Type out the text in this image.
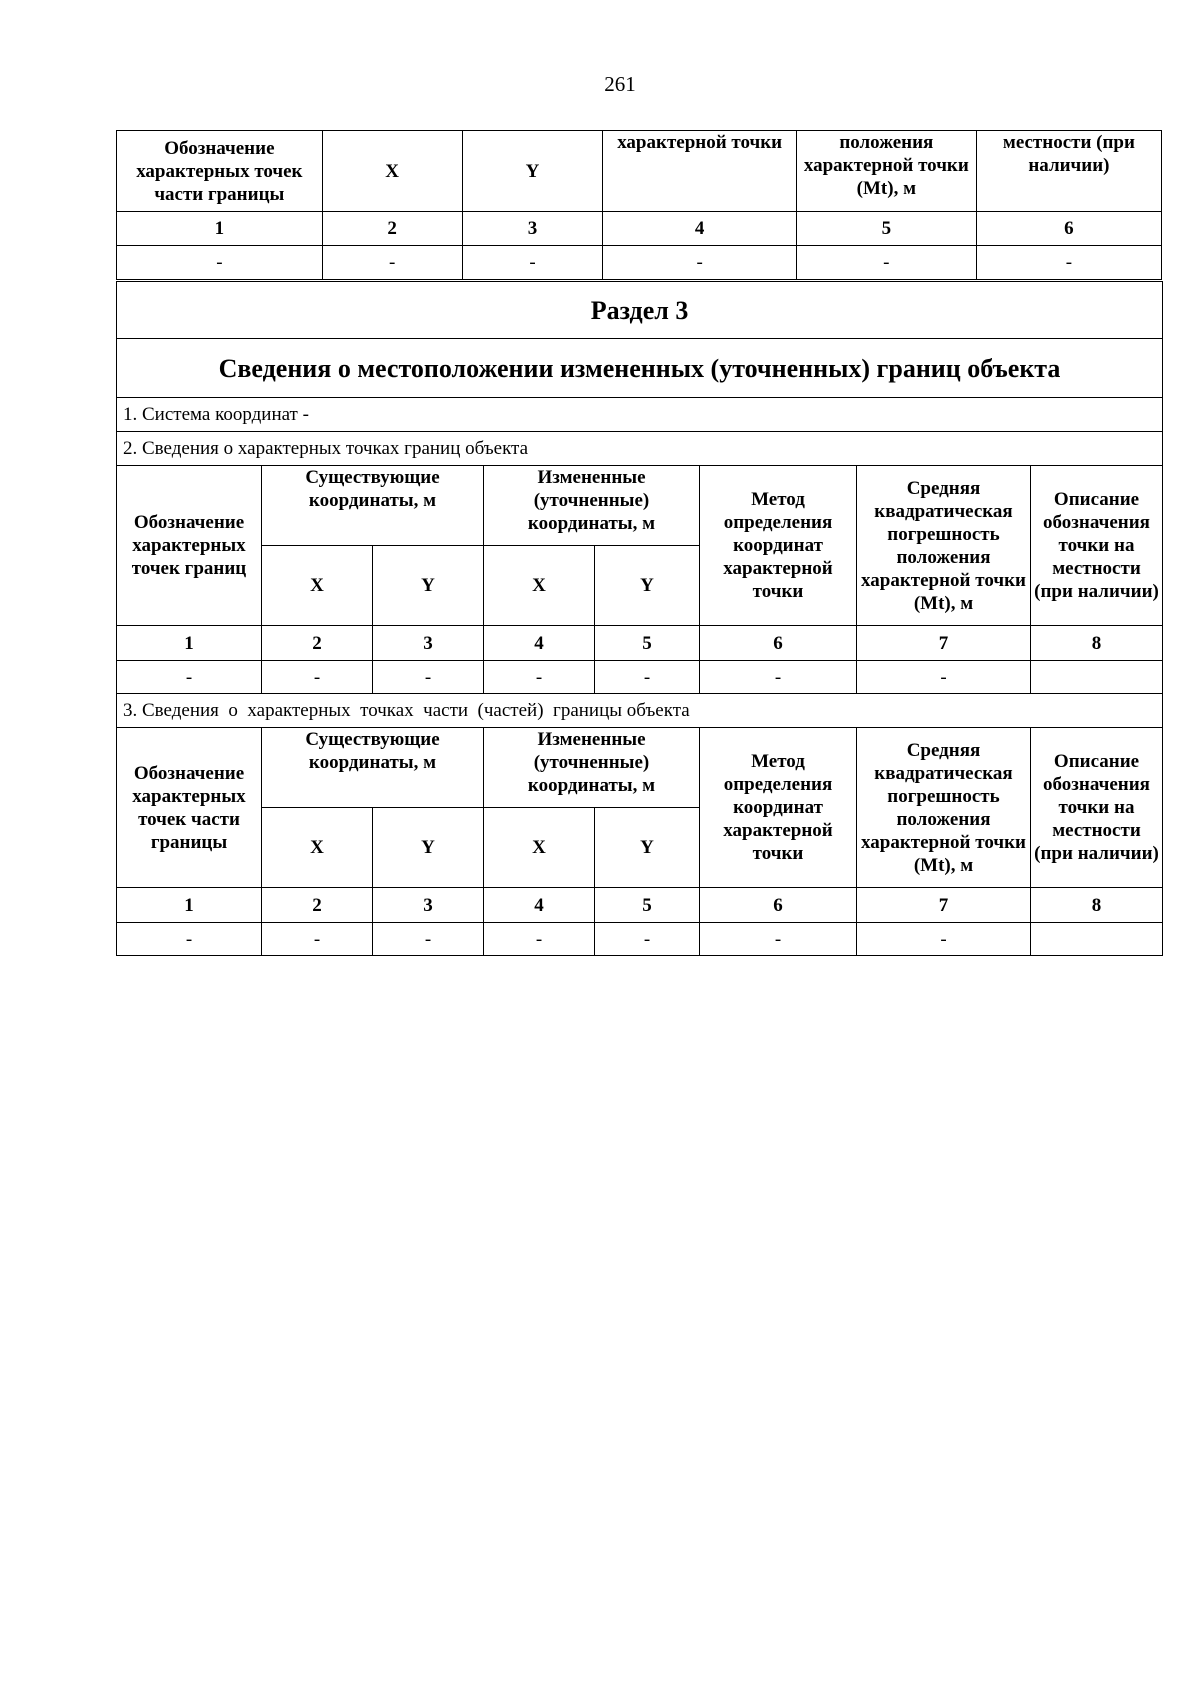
261
Обозначение характерных точек части границы	X	Y	характерной точки	положения характерной точки (Mt), м	местности (при наличии)
1	2	3	4	5	6
-	-	-	-	-	-
Раздел 3							
Сведения о местоположении измененных (уточненных) границ объекта							
1. Система координат -							
2. Сведения о характерных точках границ объекта							
Обозначение характерных точек границ	Существующие координаты, м		Измененные (уточненные) координаты, м		Метод определения координат характерной точки	Средняя квадратическая погрешность положения характерной точки (Mt), м	Описание обозначения точки на местности (при наличии)
	X	Y	X	Y			
1	2	3	4	5	6	7	8
-	-	-	-	-	-	-	
3. Сведения  о  характерных  точках  части  (частей)  границы объекта							
Обозначение характерных точек части границы	Существующие координаты, м		Измененные (уточненные) координаты, м		Метод определения координат характерной точки	Средняя квадратическая погрешность положения характерной точки (Mt), м	Описание обозначения точки на местности (при наличии)
	X	Y	X	Y			
1	2	3	4	5	6	7	8
-	-	-	-	-	-	-	
